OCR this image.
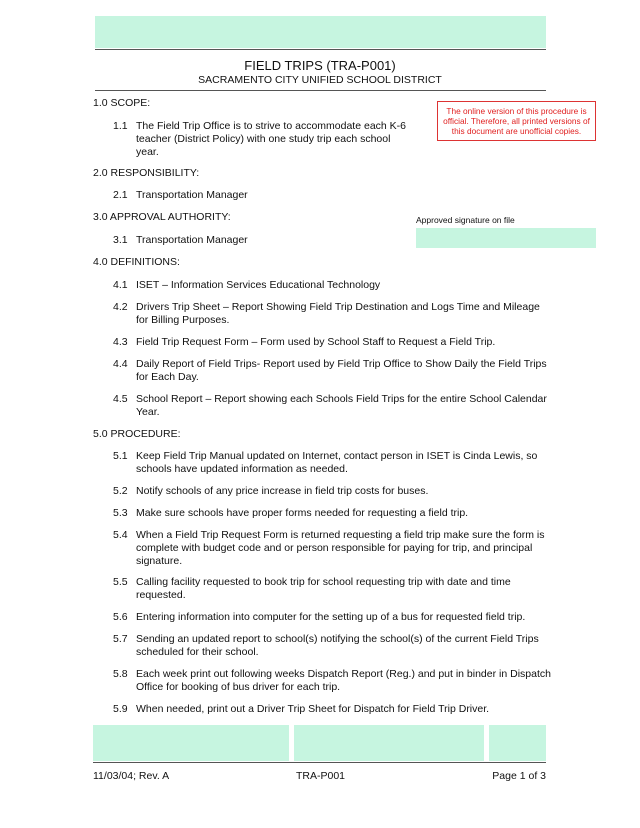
FIELD TRIPS (TRA-P001)
SACRAMENTO CITY UNIFIED SCHOOL DISTRICT
The online version of this procedure is official. Therefore, all printed versions of this document are unofficial copies.
Approved signature on file
1.0 SCOPE:
1.1 The Field Trip Office is to strive to accommodate each K-6 teacher (District Policy) with one study trip each school year.
2.0 RESPONSIBILITY:
2.1 Transportation Manager
3.0 APPROVAL AUTHORITY:
3.1 Transportation Manager
4.0 DEFINITIONS:
4.1 ISET – Information Services Educational Technology
4.2 Drivers Trip Sheet – Report Showing Field Trip Destination and Logs Time and Mileage for Billing Purposes.
4.3 Field Trip Request Form – Form used by School Staff to Request a Field Trip.
4.4 Daily Report of Field Trips- Report used by Field Trip Office to Show Daily the Field Trips for Each Day.
4.5 School Report – Report showing each Schools Field Trips for the entire School Calendar Year.
5.0 PROCEDURE:
5.1 Keep Field Trip Manual updated on Internet, contact person in ISET is Cinda Lewis, so schools have updated information as needed.
5.2 Notify schools of any price increase in field trip costs for buses.
5.3 Make sure schools have proper forms needed for requesting a field trip.
5.4 When a Field Trip Request Form is returned requesting a field trip make sure the form is complete with budget code and or person responsible for paying for trip, and principal signature.
5.5 Calling facility requested to book trip for school requesting trip with date and time requested.
5.6 Entering information into computer for the setting up of a bus for requested field trip.
5.7 Sending an updated report to school(s) notifying the school(s) of the current Field Trips scheduled for their school.
5.8 Each week print out following weeks Dispatch Report (Reg.) and put in binder in Dispatch Office for booking of bus driver for each trip.
5.9 When needed, print out a Driver Trip Sheet for Dispatch for Field Trip Driver.
11/03/04; Rev. A	TRA-P001	Page 1 of 3
